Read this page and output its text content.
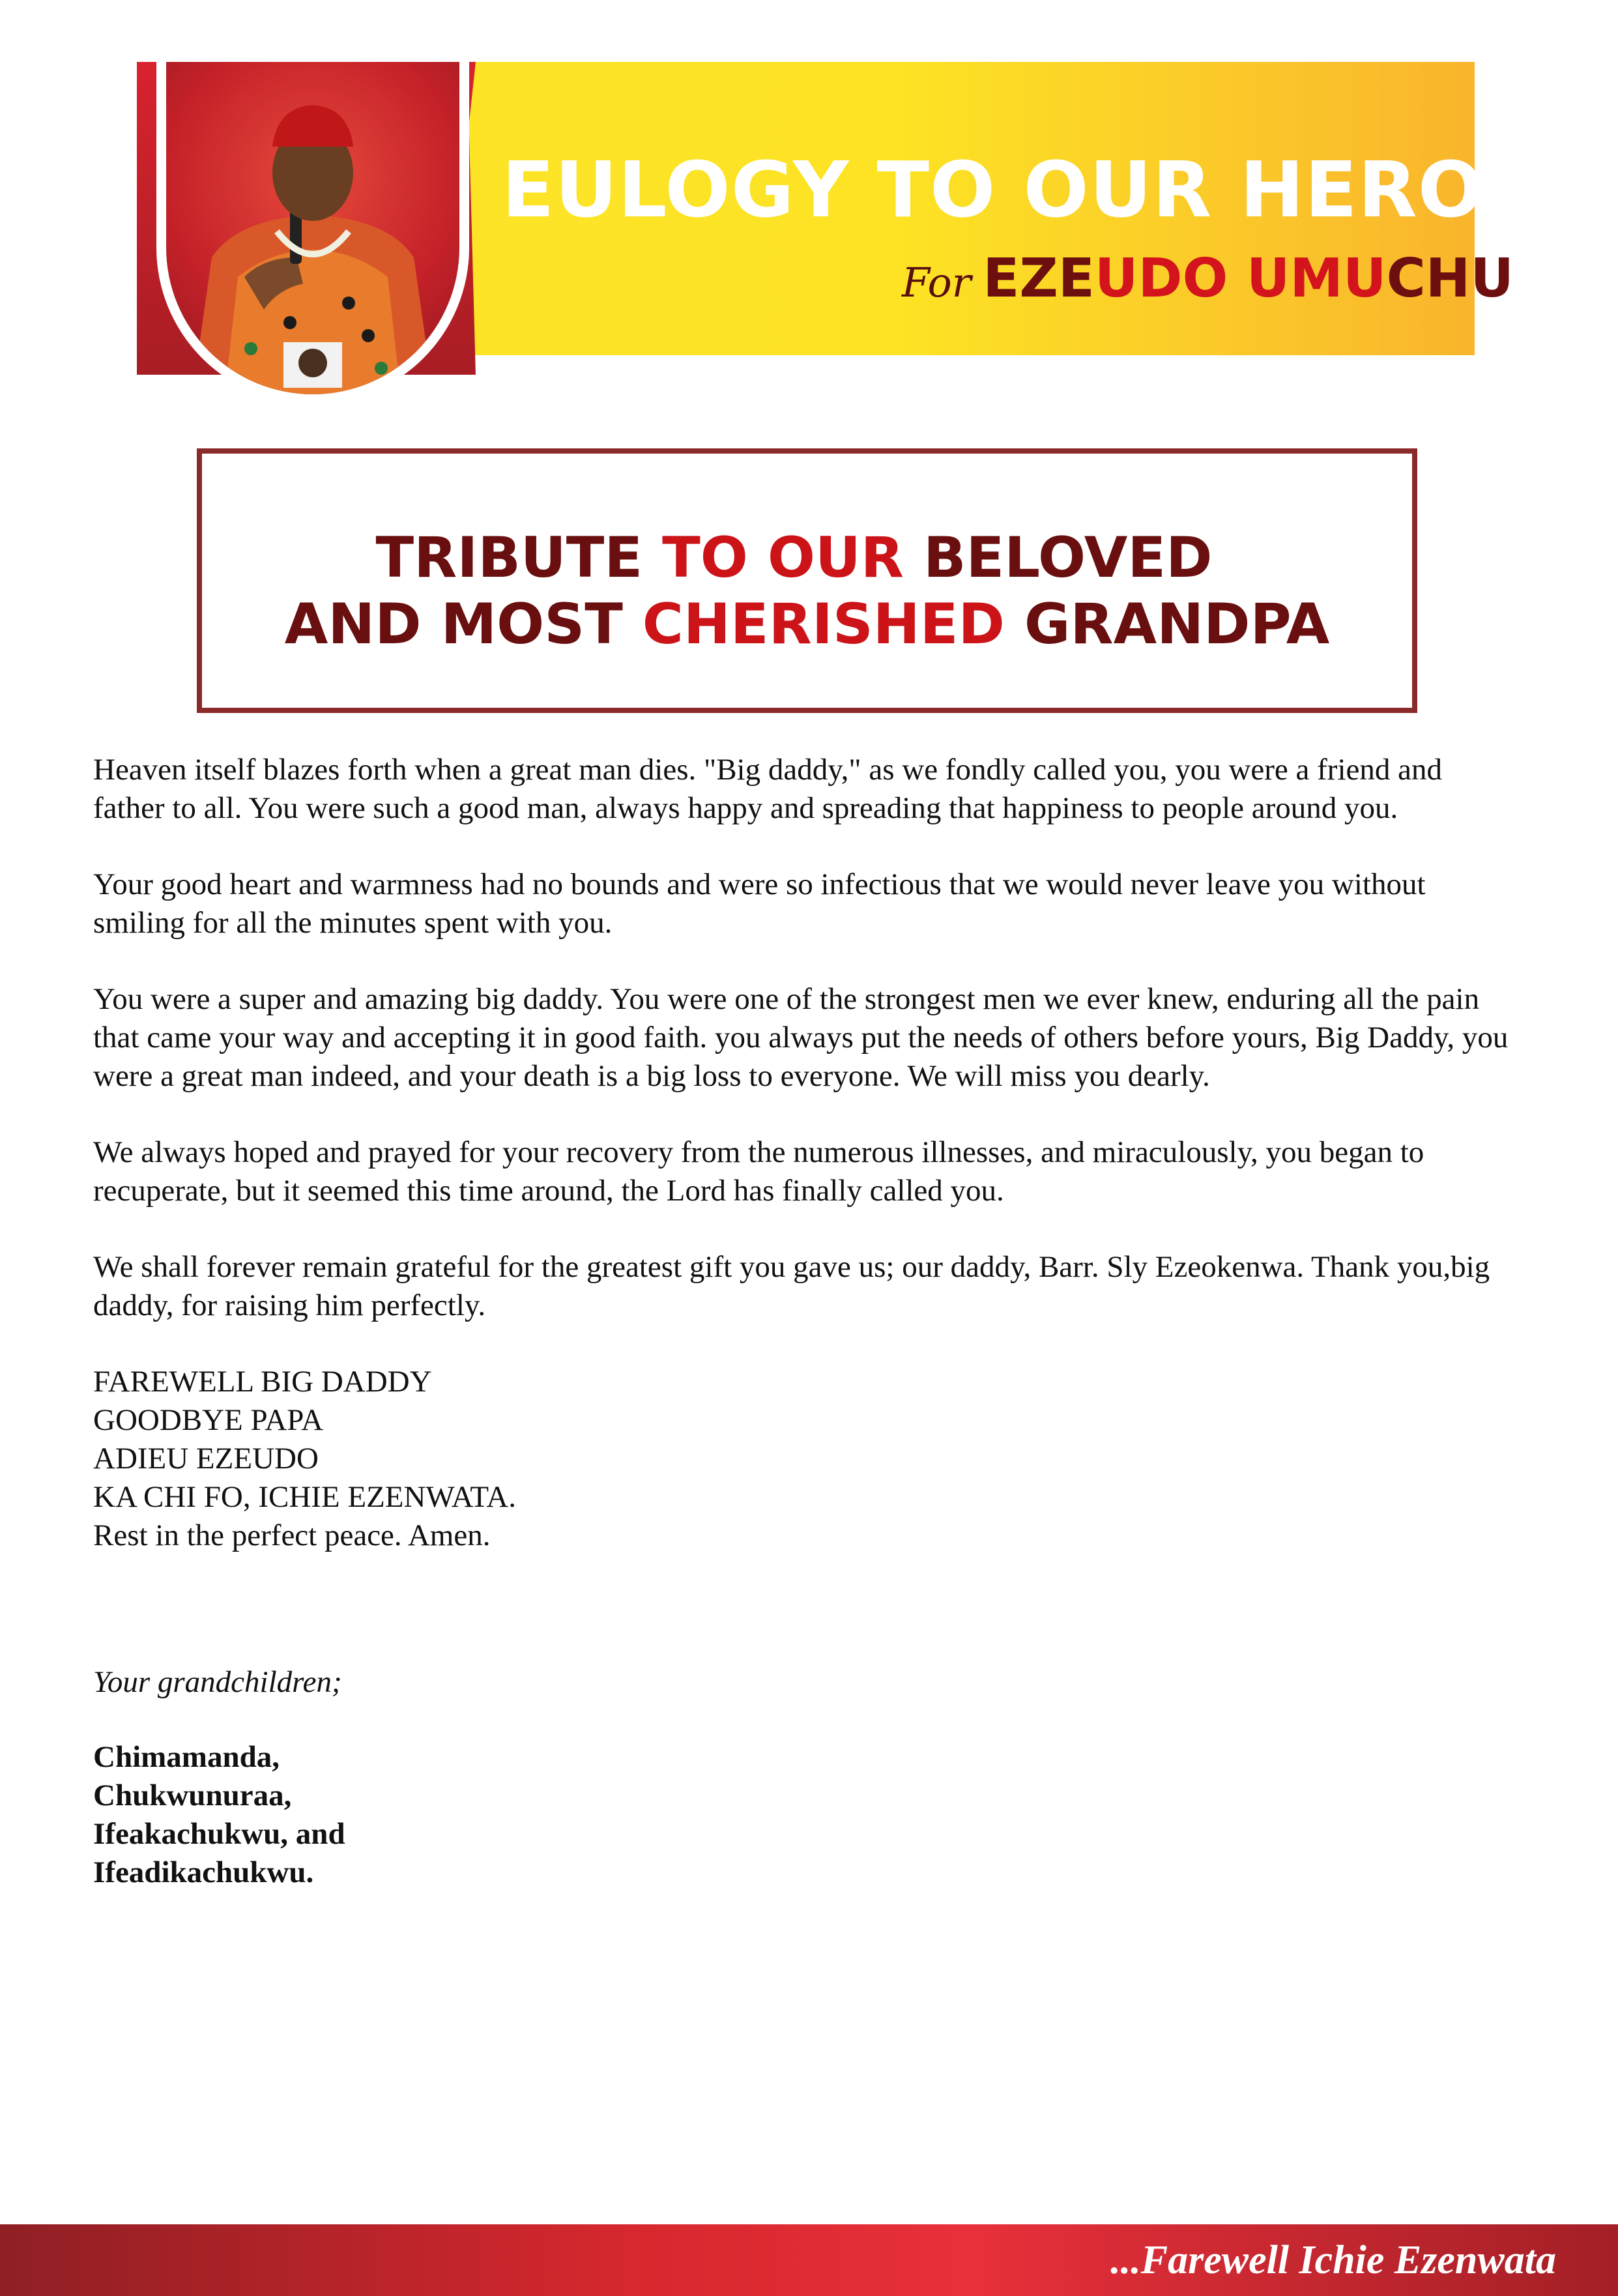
EULOGY TO OUR HERO
For EZEUDO UMUCHU
TRIBUTE TO OUR BELOVED
AND MOST CHERISHED GRANDPA

Heaven itself blazes forth when a great man dies. "Big daddy," as we fondly called you, you were a friend and father to all. You were such a good man, always happy and spreading that happiness to people around you.

Your good heart and warmness had no bounds and were so infectious that we would never leave you without smiling for all the minutes spent with you.

You were a super and amazing big daddy. You were one of the strongest men we ever knew, enduring all the pain that came your way and accepting it in good faith. you always put the needs of others before yours, Big Daddy, you were a great man indeed, and your death is a big loss to everyone. We will miss you dearly.

We always hoped and prayed for your recovery from the numerous illnesses, and miraculously, you began to recuperate, but it seemed this time around, the Lord has finally called you.

We shall forever remain grateful for the greatest gift you gave us; our daddy, Barr. Sly Ezeokenwa. Thank you,big daddy, for raising him perfectly.

FAREWELL BIG DADDY
GOODBYE PAPA
ADIEU EZEUDO
KA CHI FO, ICHIE EZENWATA.
Rest in the perfect peace. Amen.
Your grandchildren;
Chimamanda,
Chukwunuraa,
Ifeakachukwu, and
Ifeadikachukwu.
...Farewell Ichie Ezenwata
